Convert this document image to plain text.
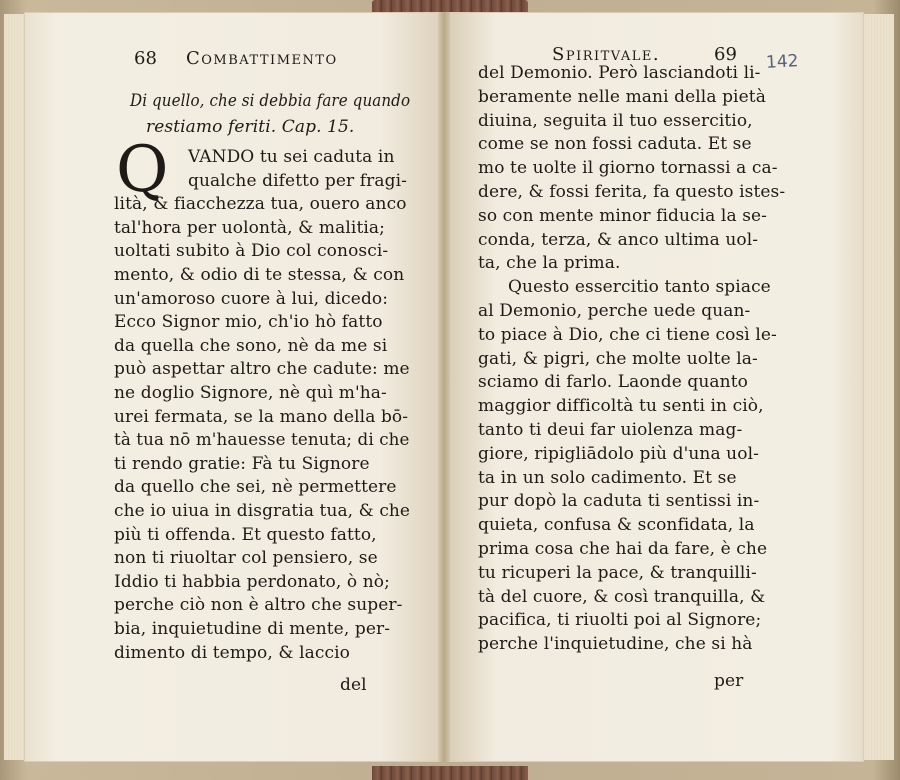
68 Combattimento
Di quello, che si debbia fare quando
restiamo feriti. Cap. 15.
Q VANDO tu sei caduta in
qualche difetto per fragi-
lità, & fiacchezza tua, ouero anco
tal'hora per uolontà, & malitia;
uoltati subito à Dio col conosci-
mento, & odio di te stessa, & con
un'amoroso cuore à lui, dicedo:
Ecco Signor mio, ch'io hò fatto
da quella che sono, nè da me si
può aspettar altro che cadute: me
ne doglio Signore, nè quì m'ha-
urei fermata, se la mano della bō-
tà tua nō m'hauesse tenuta; di che
ti rendo gratie: Fà tu Signore
da quello che sei, nè permettere
che io uiua in disgratia tua, & che
più ti offenda. Et questo fatto,
non ti riuoltar col pensiero, se
Iddio ti habbia perdonato, ò nò;
perche ciò non è altro che super-
bia, inquietudine di mente, per-
dimento di tempo, & laccio
del
Spiritvale.	69 142
del Demonio. Però lasciandoti li-
beramente nelle mani della pietà
diuina, seguita il tuo essercitio,
come se non fossi caduta. Et se
mo te uolte il giorno tornassi a ca-
dere, & fossi ferita, fa questo istes-
so con mente minor fiducia la se-
conda, terza, & anco ultima uol-
ta, che la prima.
Questo essercitio tanto spiace
al Demonio, perche uede quan-
to piace à Dio, che ci tiene così le-
gati, & pigri, che molte uolte la-
sciamo di farlo. Laonde quanto
maggior difficoltà tu senti in ciò,
tanto ti deui far uiolenza mag-
giore, ripigliādolo più d'una uol-
ta in un solo cadimento. Et se
pur dopò la caduta ti sentissi in-
quieta, confusa & sconfidata, la
prima cosa che hai da fare, è che
tu ricuperi la pace, & tranquilli-
tà del cuore, & così tranquilla, &
pacifica, ti riuolti poi al Signore;
perche l'inquietudine, che si hà
per
